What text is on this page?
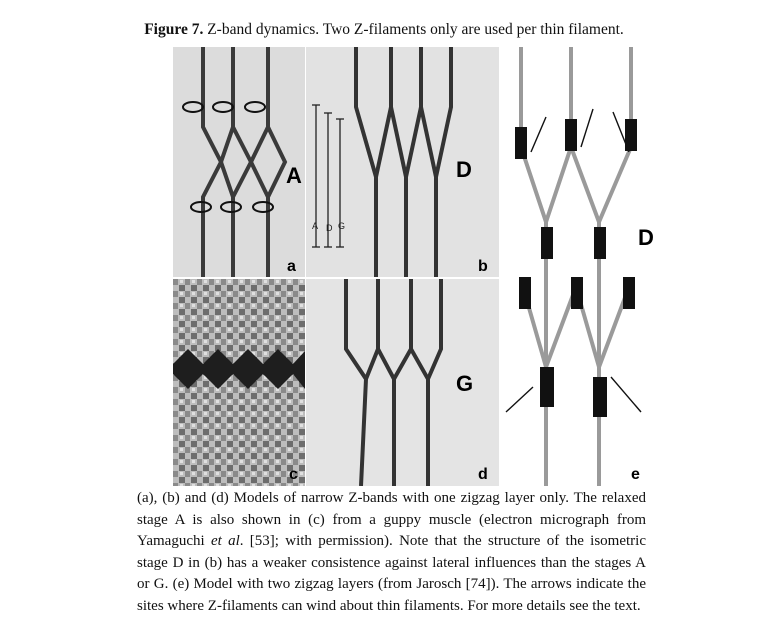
Figure 7. Z-band dynamics. Two Z-filaments only are used per thin filament.
A
a
A D G
D
b
c
G
d
D
e
(a), (b) and (d) Models of narrow Z-bands with one zigzag layer only. The relaxed stage A is also shown in (c) from a guppy muscle (electron micrograph from Yamaguchi et al. [53]; with permission). Note that the structure of the isometric stage D in (b) has a weaker consistence against lateral influences than the stages A or G. (e) Model with two zigzag layers (from Jarosch [74]). The arrows indicate the sites where Z-filaments can wind about thin filaments. For more details see the text.
